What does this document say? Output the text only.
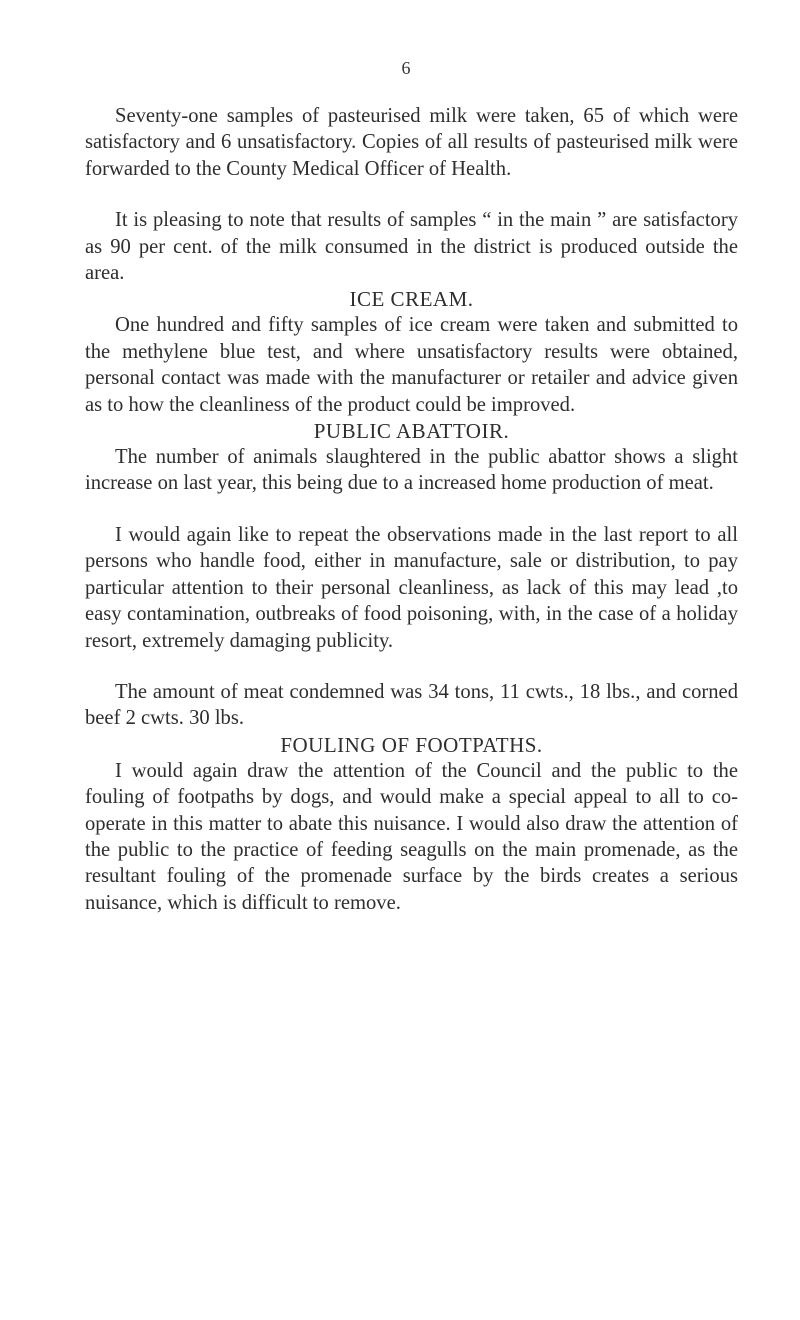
6

Seventy-one samples of pasteurised milk were taken, 65 of which were satisfactory and 6 unsatisfactory. Copies of all results of pasteurised milk were forwarded to the County Medical Officer of Health.

It is pleasing to note that results of samples “ in the main ” are satisfactory as 90 per cent. of the milk consumed in the district is produced outside the area.

ICE CREAM.

One hundred and fifty samples of ice cream were taken and submitted to the methylene blue test, and where unsatisfactory results were obtained, personal contact was made with the manufacturer or retailer and advice given as to how the cleanliness of the product could be improved.

PUBLIC ABATTOIR.

The number of animals slaughtered in the public abattor shows a slight increase on last year, this being due to a increased home production of meat.

I would again like to repeat the observations made in the last report to all persons who handle food, either in manufacture, sale or distribution, to pay particular attention to their personal cleanliness, as lack of this may lead ,to easy contamination, outbreaks of food poisoning, with, in the case of a holiday resort, extremely damaging publicity.

The amount of meat condemned was 34 tons, 11 cwts., 18 lbs., and corned beef 2 cwts. 30 lbs.

FOULING OF FOOTPATHS.

I would again draw the attention of the Council and the public to the fouling of footpaths by dogs, and would make a special appeal to all to co-operate in this matter to abate this nuisance. I would also draw the attention of the public to the practice of feeding seagulls on the main promenade, as the resultant fouling of the promenade surface by the birds creates a serious nuisance, which is difficult to remove.
